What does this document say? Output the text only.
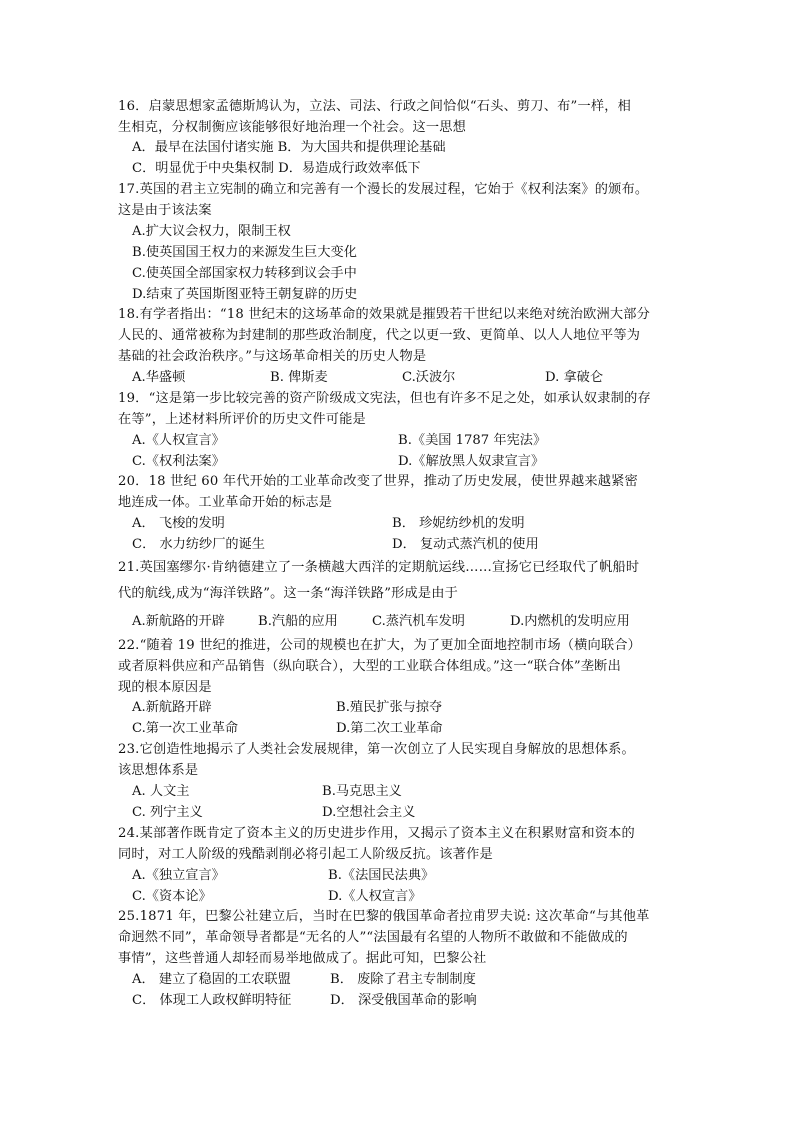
16．启蒙思想家孟德斯鸠认为，立法、司法、行政之间恰似“石头、剪刀、布”一样，相
生相克，分权制衡应该能够很好地治理一个社会。这一思想
A．最早在法国付诸实施 B．为大国共和提供理论基础
C．明显优于中央集权制 D．易造成行政效率低下
17.英国的君主立宪制的确立和完善有一个漫长的发展过程，它始于《权利法案》的颁布。
这是由于该法案
A.扩大议会权力，限制王权
B.使英国国王权力的来源发生巨大变化
C.使英国全部国家权力转移到议会手中
D.结束了英国斯图亚特王朝复辟的历史
18.有学者指出：“18 世纪末的这场革命的效果就是摧毁若干世纪以来绝对统治欧洲大部分
人民的、通常被称为封建制的那些政治制度，代之以更一致、更简单、以人人地位平等为
基础的社会政治秩序。”与这场革命相关的历史人物是
A.华盛顿	B. 俾斯麦	C.沃波尔	D. 拿破仑
19．“这是第一步比较完善的资产阶级成文宪法，但也有许多不足之处，如承认奴隶制的存
在等”，上述材料所评价的历史文件可能是
A.《人权宣言》	B.《美国 1787 年宪法》
C.《权利法案》	D.《解放黑人奴隶宣言》
20．18 世纪 60 年代开始的工业革命改变了世界，推动了历史发展，使世界越来越紧密
地连成一体。工业革命开始的标志是
A． 飞梭的发明	B． 珍妮纺纱机的发明
C． 水力纺纱厂的诞生	D． 复动式蒸汽机的使用
21.英国塞缪尔·肯纳德建立了一条横越大西洋的定期航运线……宣扬它已经取代了帆船时
代的航线,成为“海洋铁路”。这一条“海洋铁路”形成是由于
A.新航路的开辟	B.汽船的应用	C.蒸汽机车发明	D.内燃机的发明应用
22.“随着 19 世纪的推进，公司的规模也在扩大，为了更加全面地控制市场（横向联合）
或者原料供应和产品销售（纵向联合），大型的工业联合体组成。”这一“联合体”垄断出
现的根本原因是
A.新航路开辟	B.殖民扩张与掠夺
C.第一次工业革命	D.第二次工业革命
23.它创造性地揭示了人类社会发展规律，第一次创立了人民实现自身解放的思想体系。
该思想体系是
A. 人文主	B.马克思主义
C. 列宁主义	D.空想社会主义
24.某部著作既肯定了资本主义的历史进步作用，又揭示了资本主义在积累财富和资本的
同时，对工人阶级的残酷剥削必将引起工人阶级反抗。该著作是
A.《独立宣言》	B.《法国民法典》
C.《资本论》	D.《人权宣言》
25.1871 年，巴黎公社建立后，当时在巴黎的俄国革命者拉甫罗夫说: 这次革命“与其他革
命迥然不同”，革命领导者都是“无名的人”“法国最有名望的人物所不敢做和不能做成的
事情”，这些普通人却轻而易举地做成了。据此可知，巴黎公社
A． 建立了稳固的工农联盟	B． 废除了君主专制制度
C． 体现工人政权鲜明特征	D． 深受俄国革命的影响
